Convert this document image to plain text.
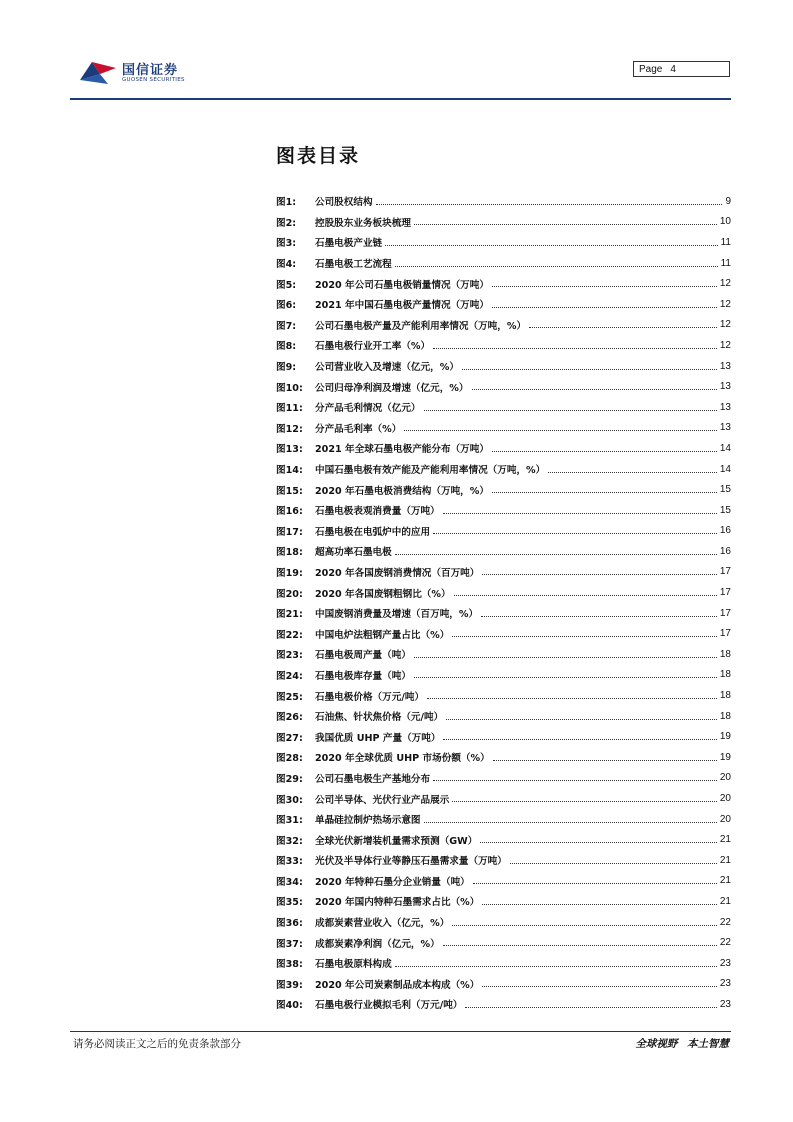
国信证券
GUOSEN SECURITIES
Page 4
图表目录
图1:	公司股权结构	9
图2:	控股股东业务板块梳理	10
图3:	石墨电极产业链	11
图4:	石墨电极工艺流程	11
图5:	2020 年公司石墨电极销量情况（万吨）	12
图6:	2021 年中国石墨电极产量情况（万吨）	12
图7:	公司石墨电极产量及产能利用率情况（万吨，%）	12
图8:	石墨电极行业开工率（%）	12
图9:	公司营业收入及增速（亿元，%）	13
图10:	公司归母净利润及增速（亿元，%）	13
图11:	分产品毛利情况（亿元）	13
图12:	分产品毛利率（%）	13
图13:	2021 年全球石墨电极产能分布（万吨）	14
图14:	中国石墨电极有效产能及产能利用率情况（万吨，%）	14
图15:	2020 年石墨电极消费结构（万吨，%）	15
图16:	石墨电极表观消费量（万吨）	15
图17:	石墨电极在电弧炉中的应用	16
图18:	超高功率石墨电极	16
图19:	2020 年各国废钢消费情况（百万吨）	17
图20:	2020 年各国废钢粗钢比（%）	17
图21:	中国废钢消费量及增速（百万吨，%）	17
图22:	中国电炉法粗钢产量占比（%）	17
图23:	石墨电极周产量（吨）	18
图24:	石墨电极库存量（吨）	18
图25:	石墨电极价格（万元/吨）	18
图26:	石油焦、针状焦价格（元/吨）	18
图27:	我国优质 UHP 产量（万吨）	19
图28:	2020 年全球优质 UHP 市场份额（%）	19
图29:	公司石墨电极生产基地分布	20
图30:	公司半导体、光伏行业产品展示	20
图31:	单晶硅拉制炉热场示意图	20
图32:	全球光伏新增装机量需求预测（GW）	21
图33:	光伏及半导体行业等静压石墨需求量（万吨）	21
图34:	2020 年特种石墨分企业销量（吨）	21
图35:	2020 年国内特种石墨需求占比（%）	21
图36:	成都炭素营业收入（亿元，%）	22
图37:	成都炭素净利润（亿元，%）	22
图38:	石墨电极原料构成	23
图39:	2020 年公司炭素制品成本构成（%）	23
图40:	石墨电极行业模拟毛利（万元/吨）	23
请务必阅读正文之后的免责条款部分	全球视野 本土智慧
